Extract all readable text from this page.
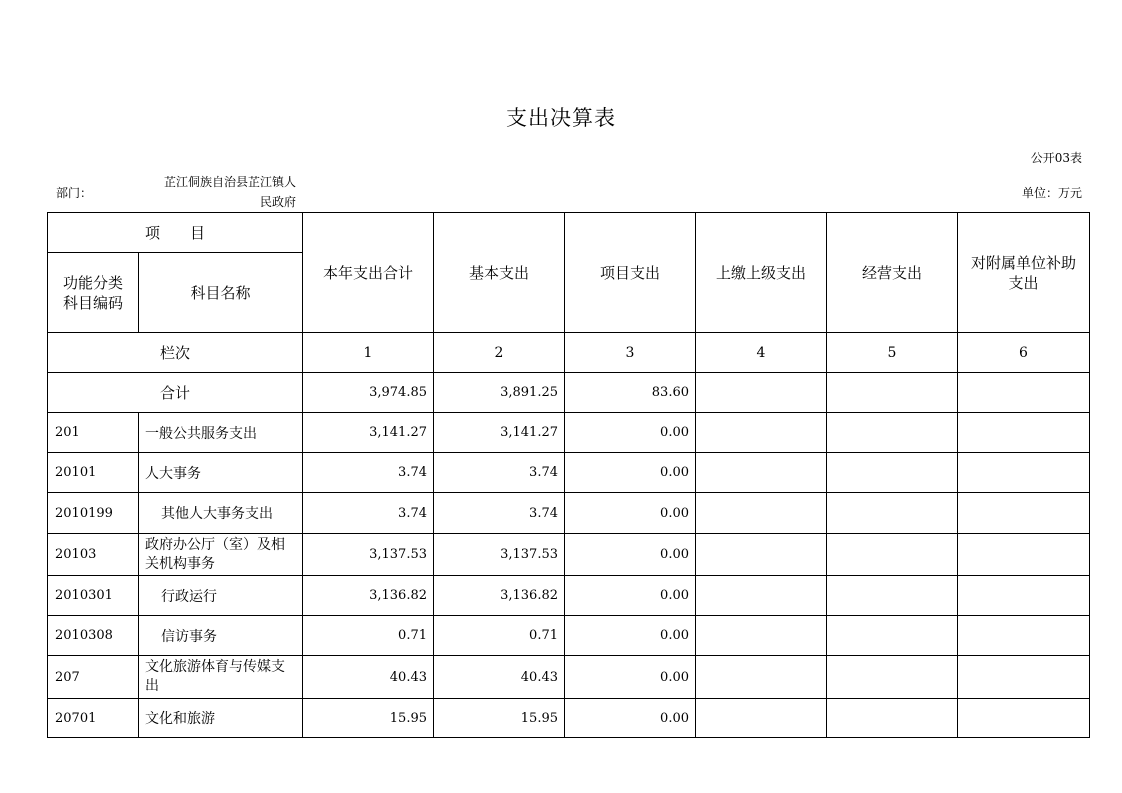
支出决算表
公开03表
部门：
芷江侗族自治县芷江镇人
民政府
单位：万元
项　　目		本年支出合计	基本支出	项目支出	上缴上级支出	经营支出	对附属单位补助支出
功能分类科目编码	科目名称						
栏次		1	2	3	4	5	6
合计		3,974.85	3,891.25	83.60			
201	一般公共服务支出	3,141.27	3,141.27	0.00			
20101	人大事务	3.74	3.74	0.00			
2010199	其他人大事务支出	3.74	3.74	0.00			
20103	政府办公厅（室）及相关机构事务	3,137.53	3,137.53	0.00			
2010301	行政运行	3,136.82	3,136.82	0.00			
2010308	信访事务	0.71	0.71	0.00			
207	文化旅游体育与传媒支出	40.43	40.43	0.00			
20701	文化和旅游	15.95	15.95	0.00			
